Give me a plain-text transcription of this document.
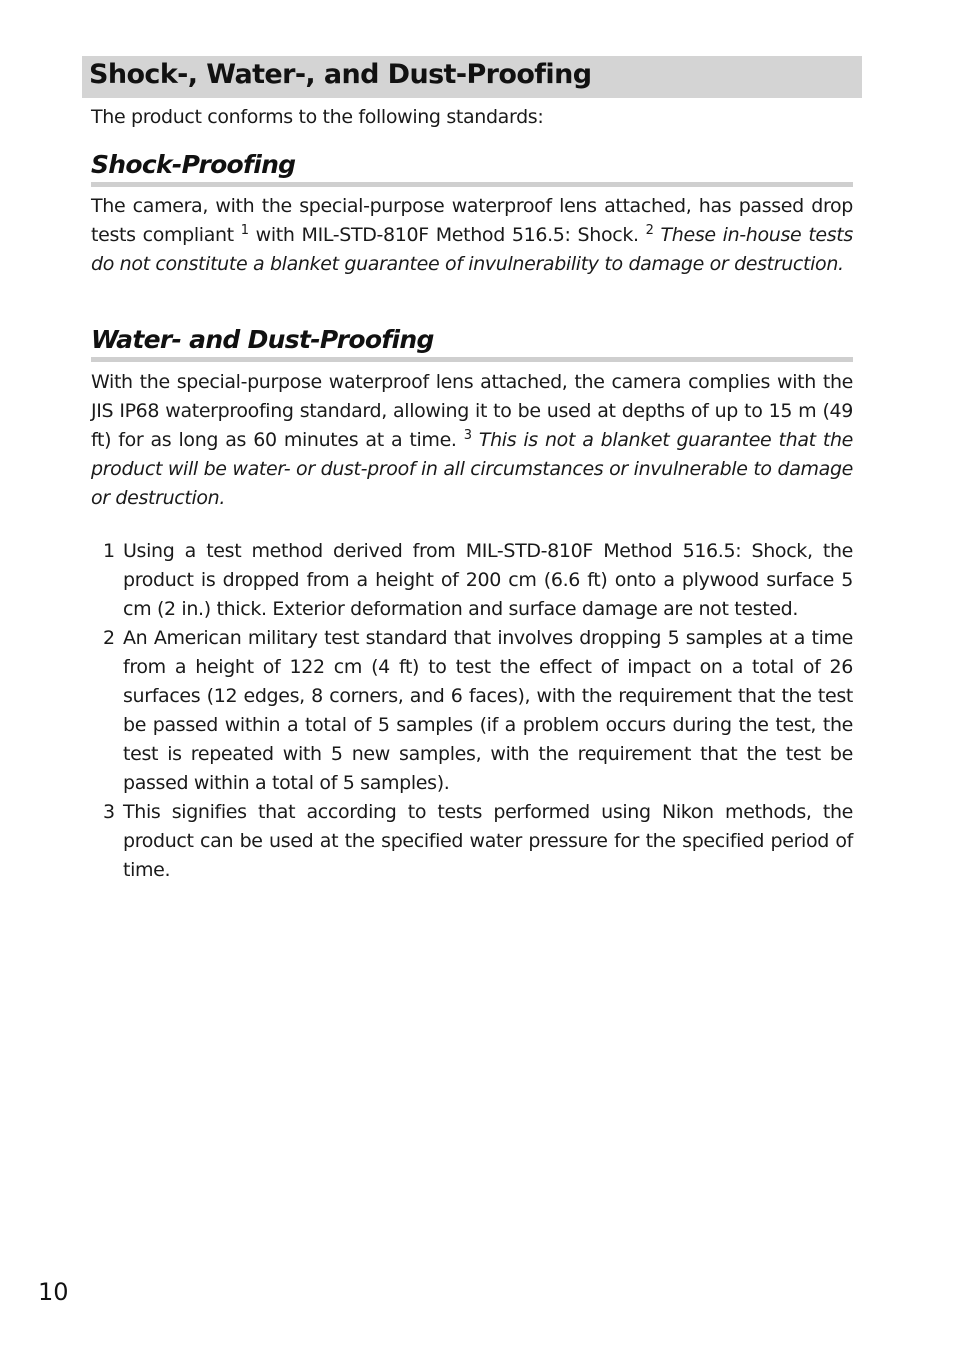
Shock-, Water-, and Dust-Proofing

The product conforms to the following standards:

Shock-Proofing

The camera, with the special-purpose waterproof lens attached, has passed drop tests compliant $^1$ with MIL-STD-810F Method 516.5: Shock. $^2$ These in-house tests do not constitute a blanket guarantee of invulnerability to damage or destruction.

Water- and Dust-Proofing

With the special-purpose waterproof lens attached, the camera complies with the JIS IP68 waterproofing standard, allowing it to be used at depths of up to 15 m (49 ft) for as long as 60 minutes at a time. $^3$ This is not a blanket guarantee that the product will be water- or dust-proof in all circumstances or invulnerable to damage or destruction.

1 Using a test method derived from MIL-STD-810F Method 516.5: Shock, the product is dropped from a height of 200 cm (6.6 ft) onto a plywood surface 5 cm (2 in.) thick. Exterior deformation and surface damage are not tested.
2 An American military test standard that involves dropping 5 samples at a time from a height of 122 cm (4 ft) to test the effect of impact on a total of 26 surfaces (12 edges, 8 corners, and 6 faces), with the requirement that the test be passed within a total of 5 samples (if a problem occurs during the test, the test is repeated with 5 new samples, with the requirement that the test be passed within a total of 5 samples).
3 This signifies that according to tests performed using Nikon methods, the product can be used at the specified water pressure for the specified period of time.
10
